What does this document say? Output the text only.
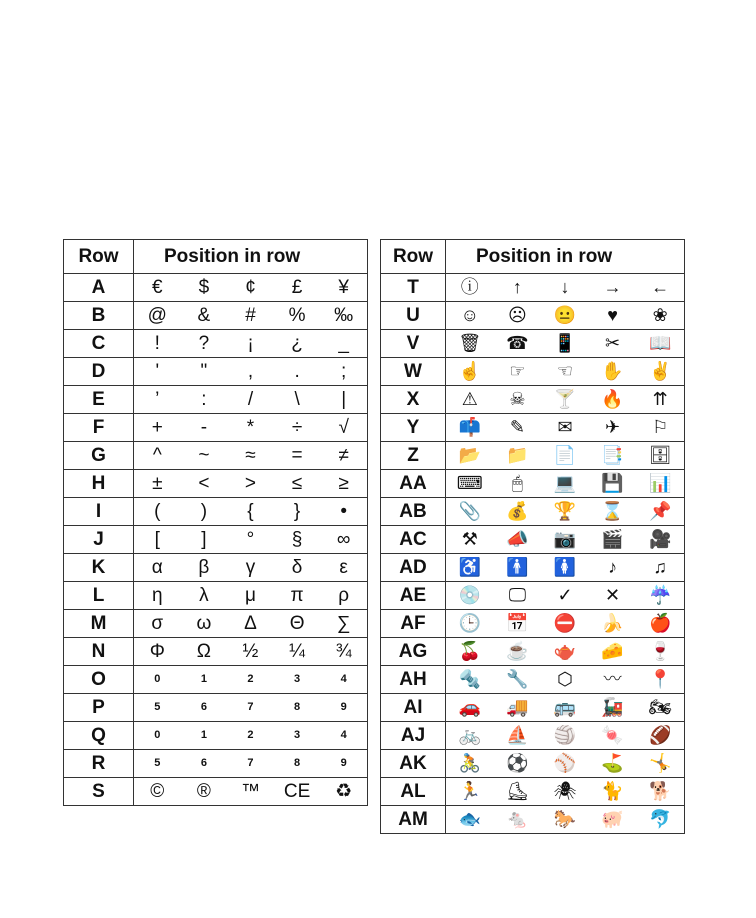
Row	Position in row
A	€ $ ¢ £ ¥

B	@ & # % ‰

C	! ? ¡ ¿ _

D	' " , . ;

E	’ : / \ |

F	+ - * ÷ √

G	^ ~ ≈ = ≠

H	± < > ≤ ≥

I	( ) { } •

J	[ ] ° § ∞

K	α β γ δ ε

L	η λ μ π ρ

M	σ ω Δ Θ ∑

N	Φ Ω ½ ¼ ¾

O	0 1 2 3 4

P	5 6 7 8 9

Q	0 1 2 3 4

R	5 6 7 8 9

S	© ® ™ CE ♻
Row	Position in row
T	ⓘ ↑ ↓ → ←

U	☺ ☹ 😐 ♥ ❀

V	🗑 ☎ 📱 ✂ 📖

W	☝ ☞ ☜ ✋ ✌

X	⚠ ☠ 🍸 🔥 ⇈

Y	📫 ✎ ✉ ✈ ⚐

Z	📂 📁 📄 📑 🗄

AA	⌨ 🖱 💻 💾 📊

AB	📎 💰 🏆 ⌛ 📌

AC	⚒ 📣 📷 🎬 🎥

AD	♿ 🚹 🚺 ♪ ♫

AE	💿 🖵 ✓ ✕ ☔

AF	🕒 📅 ⛔ 🍌 🍎

AG	🍒 ☕ 🫖 🧀 🍷

AH	🔩 🔧 ⬡ 〰 📍

AI	🚗 🚚 🚌 🚂 🏍

AJ	🚲 ⛵ 🏐 🍬 🏈

AK	🚴 ⚽ ⚾ ⛳ 🤸

AL	🏃 ⛸ 🕷 🐈 🐕

AM	🐟 🐁 🐎 🐖 🐬
